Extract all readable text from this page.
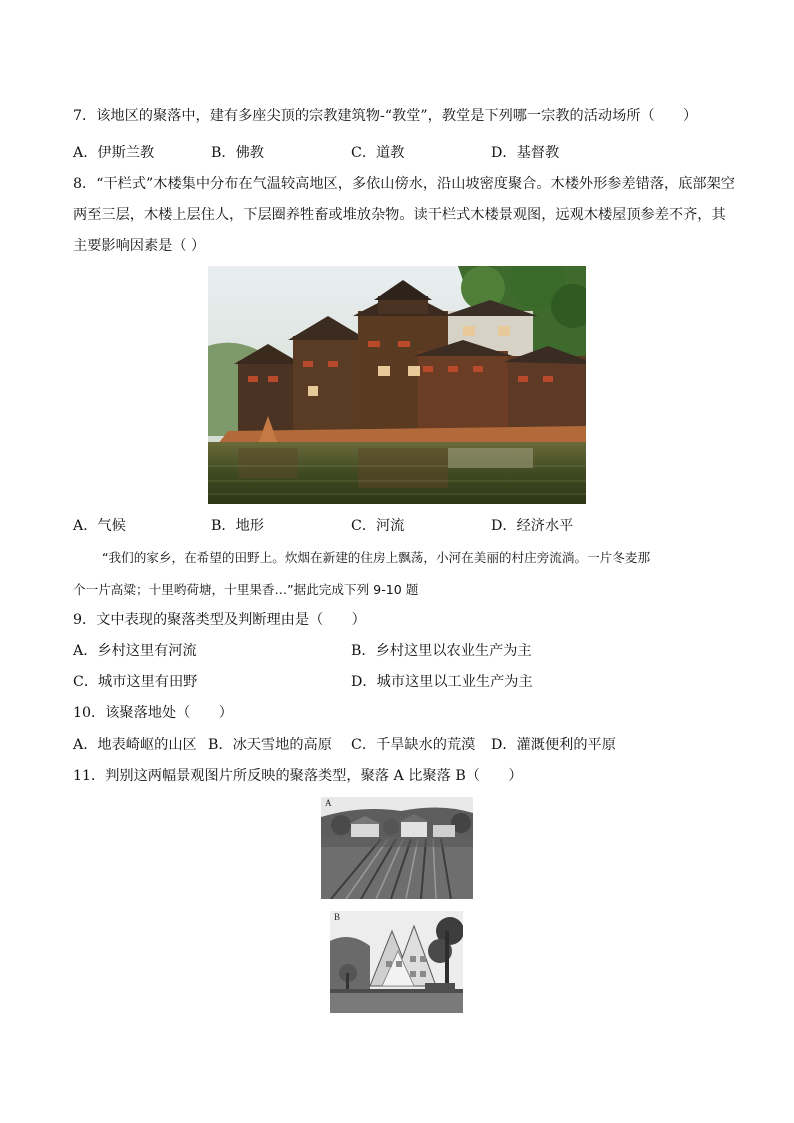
7．该地区的聚落中，建有多座尖顶的宗教建筑物-“教堂”，教堂是下列哪一宗教的活动场所（　　）
A．伊斯兰教	B．佛教	C．道教	D．基督教
8．“干栏式”木楼集中分布在气温较高地区，多依山傍水，沿山坡密度聚合。木楼外形参差错落，底部架空
两至三层，木楼上层住人，下层圈养牲畜或堆放杂物。读干栏式木楼景观图，远观木楼屋顶参差不齐，其
主要影响因素是（ ）
A．气候	B．地形	C．河流	D．经济水平
“我们的家乡，在希望的田野上。炊烟在新建的住房上飘荡，小河在美丽的村庄旁流淌。一片冬麦那
个一片高粱；十里哟荷塘，十里果香…”据此完成下列 9-10 题
9．文中表现的聚落类型及判断理由是（　　）
A．乡村这里有河流	B．乡村这里以农业生产为主
C．城市这里有田野	D．城市这里以工业生产为主
10．该聚落地处（　　）
A．地表崎岖的山区 B．冰天雪地的高原 C．千旱缺水的荒漠 D．灌溉便利的平原
11．判别这两幅景观图片所反映的聚落类型，聚落 A 比聚落 B（　　）
A
B
